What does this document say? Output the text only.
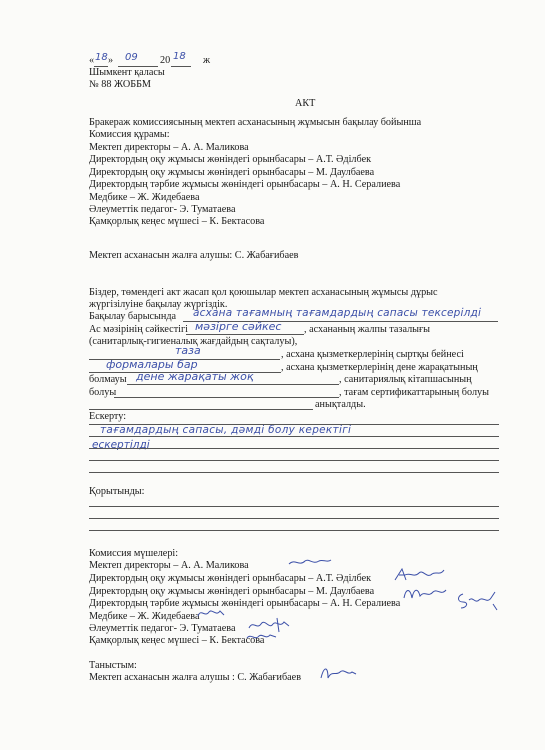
« 18 » 09 20 18 ж
Шымкент қаласы
№ 88 ЖОББМ
АКТ
Бракераж комиссиясының мектеп асханасының жұмысын бақылау бойынша
Комиссия құрамы:
Мектеп директоры – А. А. Маликова
Директордың оқу жұмысы жөніндегі орынбасары – А.Т. Әділбек
Директордың оқу жұмысы жөніндегі орынбасары – М. Даулбаева
Директордың тәрбие жұмысы жөніндегі орынбасары – А. Н. Сералиева
Медбике – Ж. Жидебаева
Әлеуметтік педагог- Э. Туматаева
Қамқорлық кеңес мүшесі – К. Бектасова
Мектеп асханасын жалға алушы: С. Жабағибаев
Біздер, төмендегі акт жасап қол қоюшылар мектеп асханасының жұмысы дұрыс
жүргізілуіне бақылау жүргіздік.
Бақылау барысында асхана тағамның тағамдардың сапасы тексерілді
Ас мәзірінің сәйкестігі мәзірге сәйкес , асхананың жалпы тазалығы
(санитарлық-гигиеналық жағдайдың сақталуы),
таза	, асхана қызметкерлерінің сыртқы бейнесі
формалары бар	, асхана қызметкерлерінің дене жарақатының
болмауы дене жарақаты жоқ	, санитариялық кітапшасының
болуы	, тағам сертификаттарының болуы
анықталды.
Ескерту:
тағамдардың сапасы, дәмді болу керектігі
ескертілді
Қорытынды:
Комиссия мүшелері:
Мектеп директоры – А. А. Маликова
Директордың оқу жұмысы жөніндегі орынбасары – А.Т. Әділбек
Директордың оқу жұмысы жөніндегі орынбасары – М. Даулбаева
Директордың тәрбие жұмысы жөніндегі орынбасары – А. Н. Сералиева
Медбике – Ж. Жидебаева
Әлеуметтік педагог- Э. Туматаева
Қамқорлық кеңес мүшесі – К. Бектасова
Таныстым:
Мектеп асханасын жалға алушы : С. Жабағибаев
